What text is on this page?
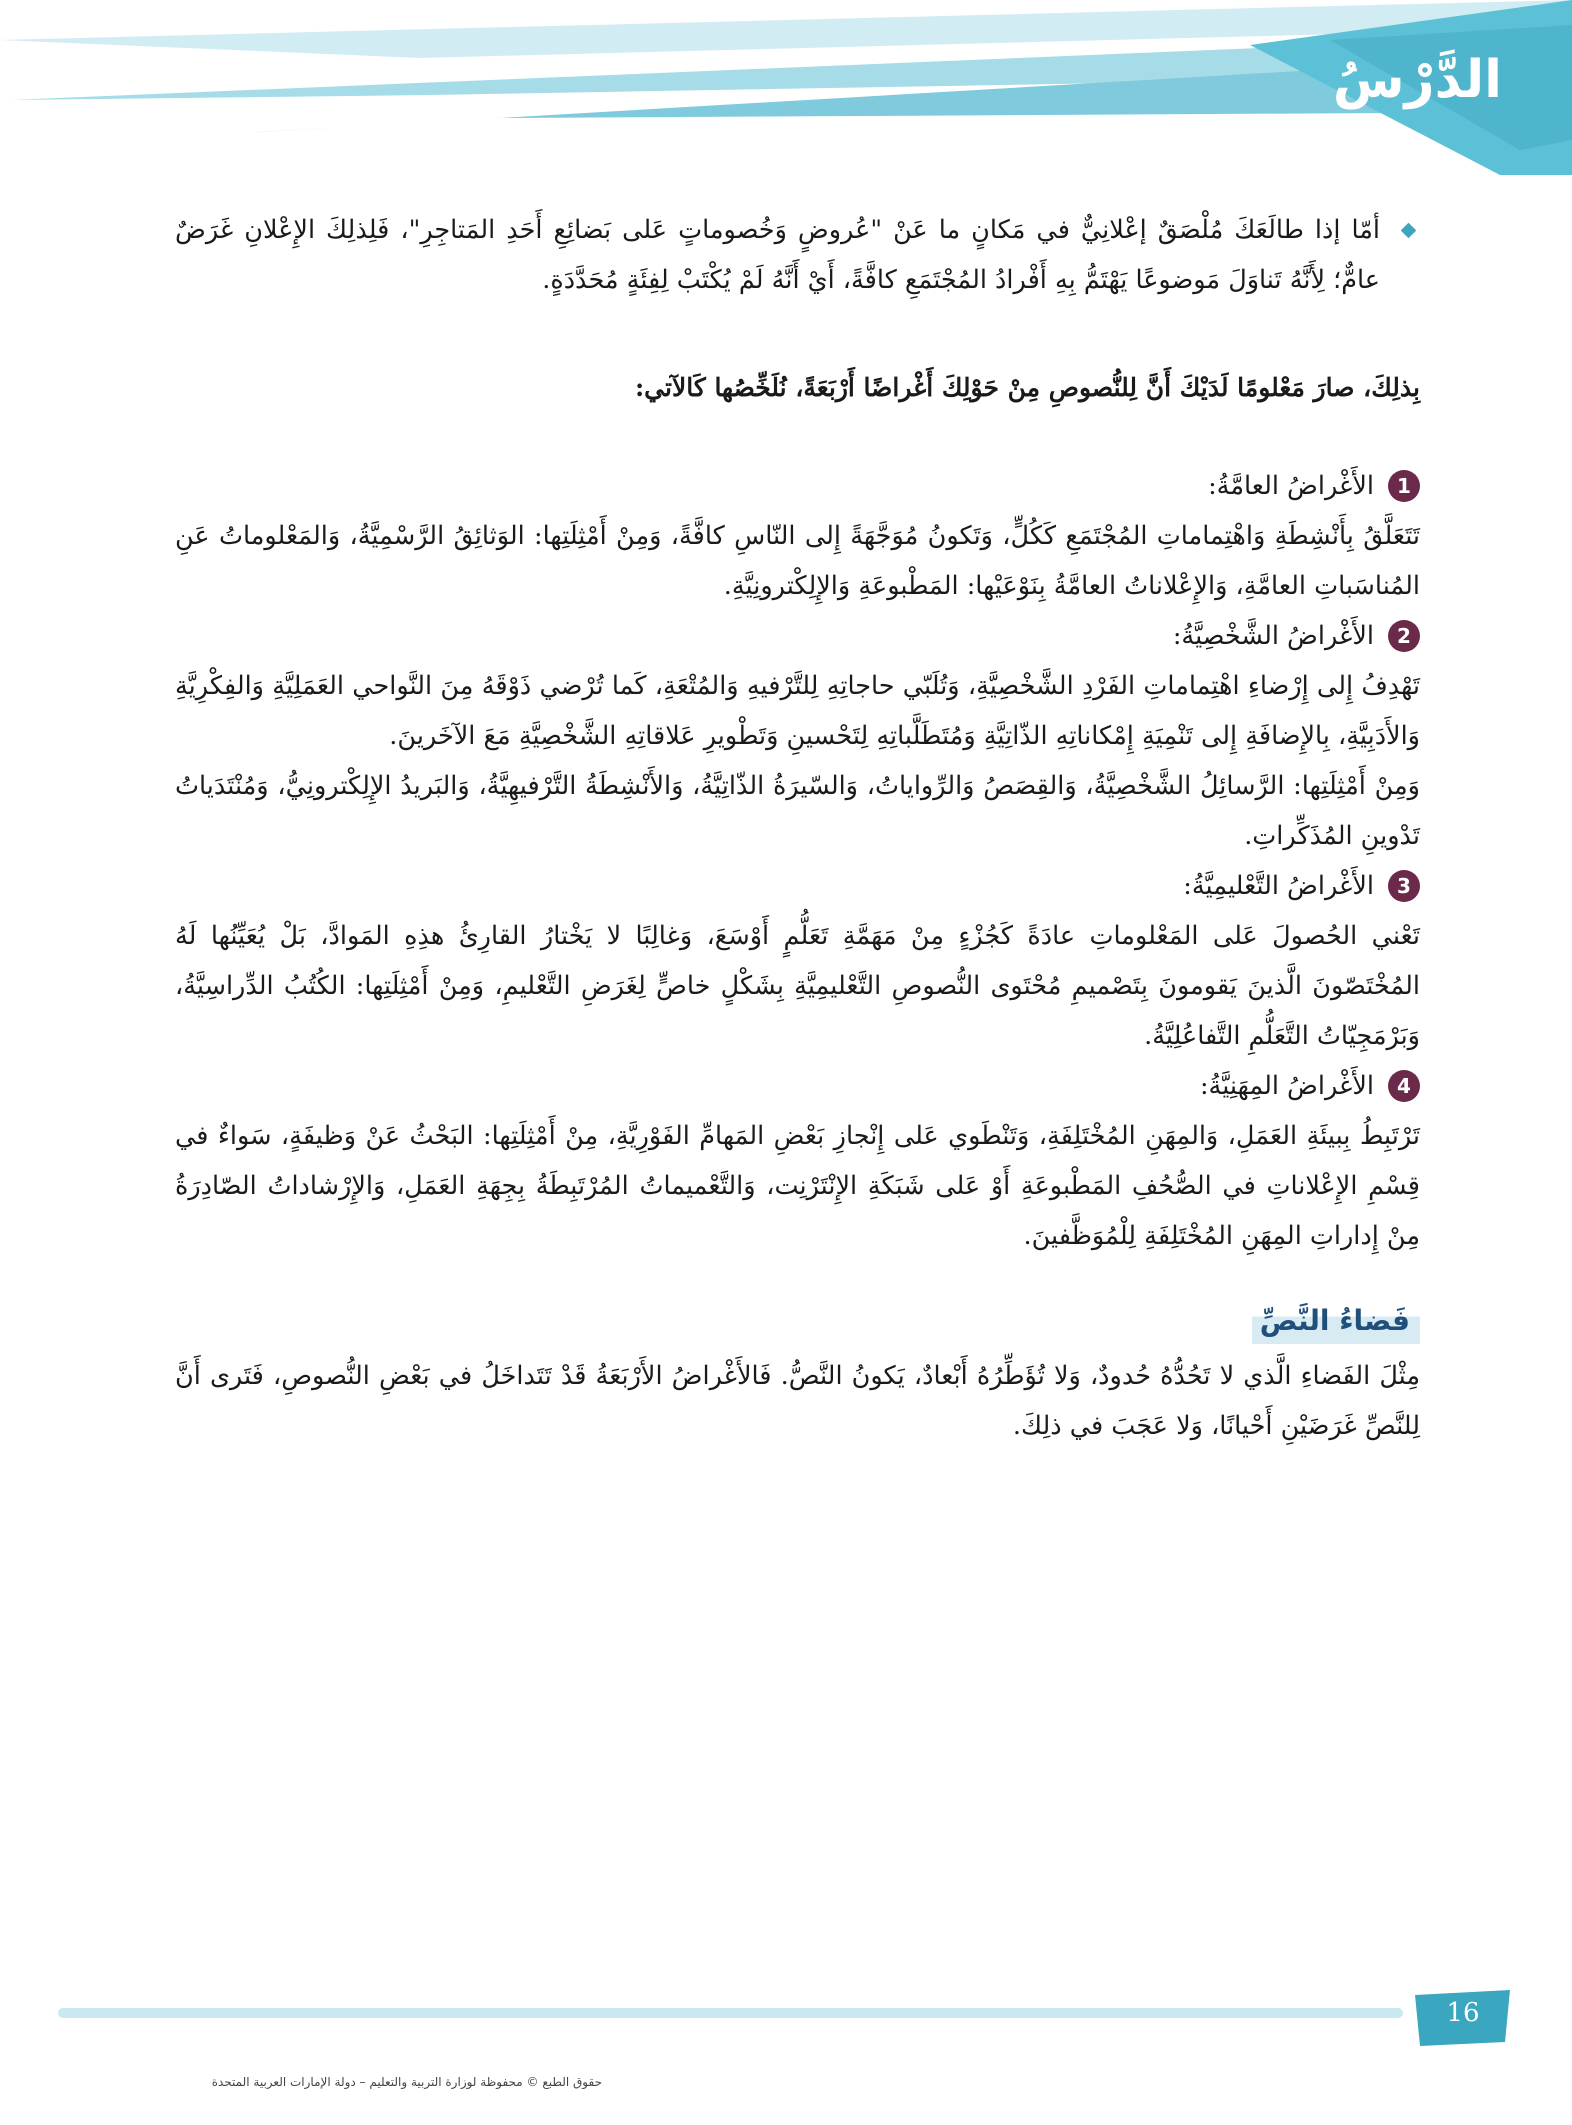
الدَّرْسُ

أمّا إذا طالَعَكَ مُلْصَقٌ إعْلانِيٌّ في مَكانٍ ما عَنْ "عُروضٍ وَخُصوماتٍ عَلى بَضائِعِ أَحَدِ المَتاجِرِ"، فَلِذلِكَ الإِعْلانِ غَرَضٌ عامٌّ؛ لِأَنَّهُ تَناوَلَ مَوضوعًا يَهْتَمُّ بِهِ أَفْرادُ المُجْتَمَعِ كافَّةً، أَيْ أَنَّهُ لَمْ يُكْتَبْ لِفِئَةٍ مُحَدَّدَةٍ.

بِذلِكَ، صارَ مَعْلومًا لَدَيْكَ أَنَّ لِلنُّصوصِ مِنْ حَوْلِكَ أَغْراضًا أَرْبَعَةً، نُلَخِّصُها كَالآتي:

1
الأَغْراضُ العامَّةُ:

تَتَعَلَّقُ بِأَنْشِطَةِ وَاهْتِماماتِ المُجْتَمَعِ كَكُلٍّ، وَتَكونُ مُوَجَّهَةً إِلى النّاسِ كافَّةً، وَمِنْ أَمْثِلَتِها: الوَثائِقُ الرَّسْمِيَّةُ، وَالمَعْلوماتُ عَنِ المُناسَباتِ العامَّةِ، وَالإِعْلاناتُ العامَّةُ بِنَوْعَيْها: المَطْبوعَةِ وَالإِلِكْترونِيَّةِ.

2
الأَغْراضُ الشَّخْصِيَّةُ:

تَهْدِفُ إِلى إِرْضاءِ اهْتِماماتِ الفَرْدِ الشَّخْصِيَّةِ، وَتُلَبّي حاجاتِهِ لِلتَّرْفيهِ وَالمُتْعَةِ، كَما تُرْضي ذَوْقَهُ مِنَ النَّواحي العَمَلِيَّةِ وَالفِكْرِيَّةِ وَالأَدَبِيَّةِ، بِالإِضافَةِ إِلى تَنْمِيَةِ إِمْكاناتِهِ الذّاتِيَّةِ وَمُتَطَلَّباتِهِ لِتَحْسينِ وَتَطْويرِ عَلاقاتِهِ الشَّخْصِيَّةِ مَعَ الآخَرينَ.

وَمِنْ أَمْثِلَتِها: الرَّسائِلُ الشَّخْصِيَّةُ، وَالقِصَصُ وَالرِّواياتُ، وَالسّيرَةُ الذّاتِيَّةُ، وَالأَنْشِطَةُ التَّرْفيهِيَّةُ، وَالبَريدُ الإِلِكْترونِيُّ، وَمُنْتَدَياتُ تَدْوينِ المُذَكِّراتِ.

3
الأَغْراضُ التَّعْليمِيَّةُ:

تَعْني الحُصولَ عَلى المَعْلوماتِ عادَةً كَجُزْءٍ مِنْ مَهَمَّةِ تَعَلُّمٍ أَوْسَعَ، وَغالِبًا لا يَخْتارُ القارِئُ هذِهِ المَوادَّ، بَلْ يُعَيِّنُها لَهُ المُخْتَصّونَ الَّذينَ يَقومونَ بِتَصْميمِ مُحْتَوى النُّصوصِ التَّعْليمِيَّةِ بِشَكْلٍ خاصٍّ لِغَرَضِ التَّعْليمِ، وَمِنْ أَمْثِلَتِها: الكُتُبُ الدِّراسِيَّةُ، وَبَرْمَجِيّاتُ التَّعَلُّمِ التَّفاعُلِيَّةُ.

4
الأَغْراضُ المِهَنِيَّةُ:

تَرْتَبِطُ بِبيئَةِ العَمَلِ، وَالمِهَنِ المُخْتَلِفَةِ، وَتَنْطَوي عَلى إِنْجازِ بَعْضِ المَهامِّ الفَوْرِيَّةِ، مِنْ أَمْثِلَتِها: البَحْثُ عَنْ وَظيفَةٍ، سَواءٌ في قِسْمِ الإِعْلاناتِ في الصُّحُفِ المَطْبوعَةِ أَوْ عَلى شَبَكَةِ الإِنْتَرْنِت، وَالتَّعْميماتُ المُرْتَبِطَةُ بِجِهَةِ العَمَلِ، وَالإِرْشاداتُ الصّادِرَةُ مِنْ إِداراتِ المِهَنِ المُخْتَلِفَةِ لِلْمُوَظَّفينَ.

فَضاءُ النَّصِّ

مِثْلَ الفَضاءِ الَّذي لا تَحُدُّهُ حُدودٌ، وَلا تُؤَطِّرُهُ أَبْعادٌ، يَكونُ النَّصُّ. فَالأَغْراضُ الأَرْبَعَةُ قَدْ تَتَداخَلُ في بَعْضِ النُّصوصِ، فَتَرى أَنَّ لِلنَّصِّ غَرَضَيْنِ أَحْيانًا، وَلا عَجَبَ في ذلِكَ.

16
حقوق الطبع © محفوظة لوزارة التربية والتعليم – دولة الإمارات العربية المتحدة
